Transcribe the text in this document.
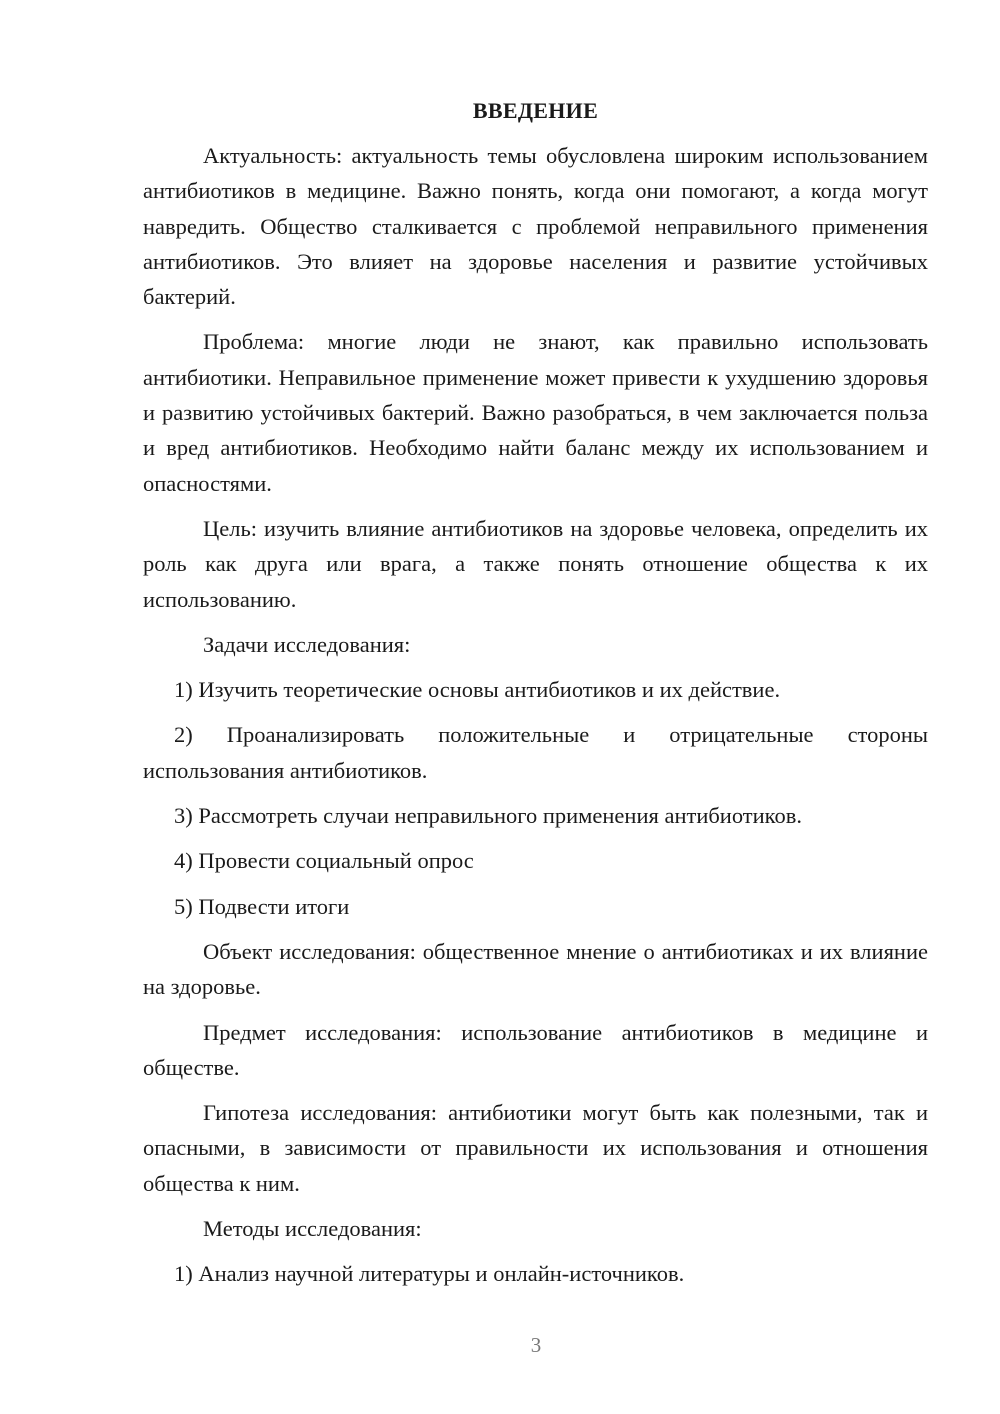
ВВЕДЕНИЕ

Актуальность: актуальность темы обусловлена широким использованием антибиотиков в медицине. Важно понять, когда они помогают, а когда могут навредить. Общество сталкивается с проблемой неправильного применения антибиотиков. Это влияет на здоровье населения и развитие устойчивых бактерий.

Проблема: многие люди не знают, как правильно использовать антибиотики. Неправильное применение может привести к ухудшению здоровья и развитию устойчивых бактерий. Важно разобраться, в чем заключается польза и вред антибиотиков. Необходимо найти баланс между их использованием и опасностями.

Цель: изучить влияние антибиотиков на здоровье человека, определить их роль как друга или врага, а также понять отношение общества к их использованию.

Задачи исследования:

1) Изучить теоретические основы антибиотиков и их действие.

2) Проанализировать положительные и отрицательные стороны использования антибиотиков.

3) Рассмотреть случаи неправильного применения антибиотиков.

4) Провести социальный опрос

5) Подвести итоги

Объект исследования: общественное мнение о антибиотиках и их влияние на здоровье.

Предмет исследования: использование антибиотиков в медицине и обществе.

Гипотеза исследования: антибиотики могут быть как полезными, так и опасными, в зависимости от правильности их использования и отношения общества к ним.

Методы исследования:

1) Анализ научной литературы и онлайн-источников.

3
